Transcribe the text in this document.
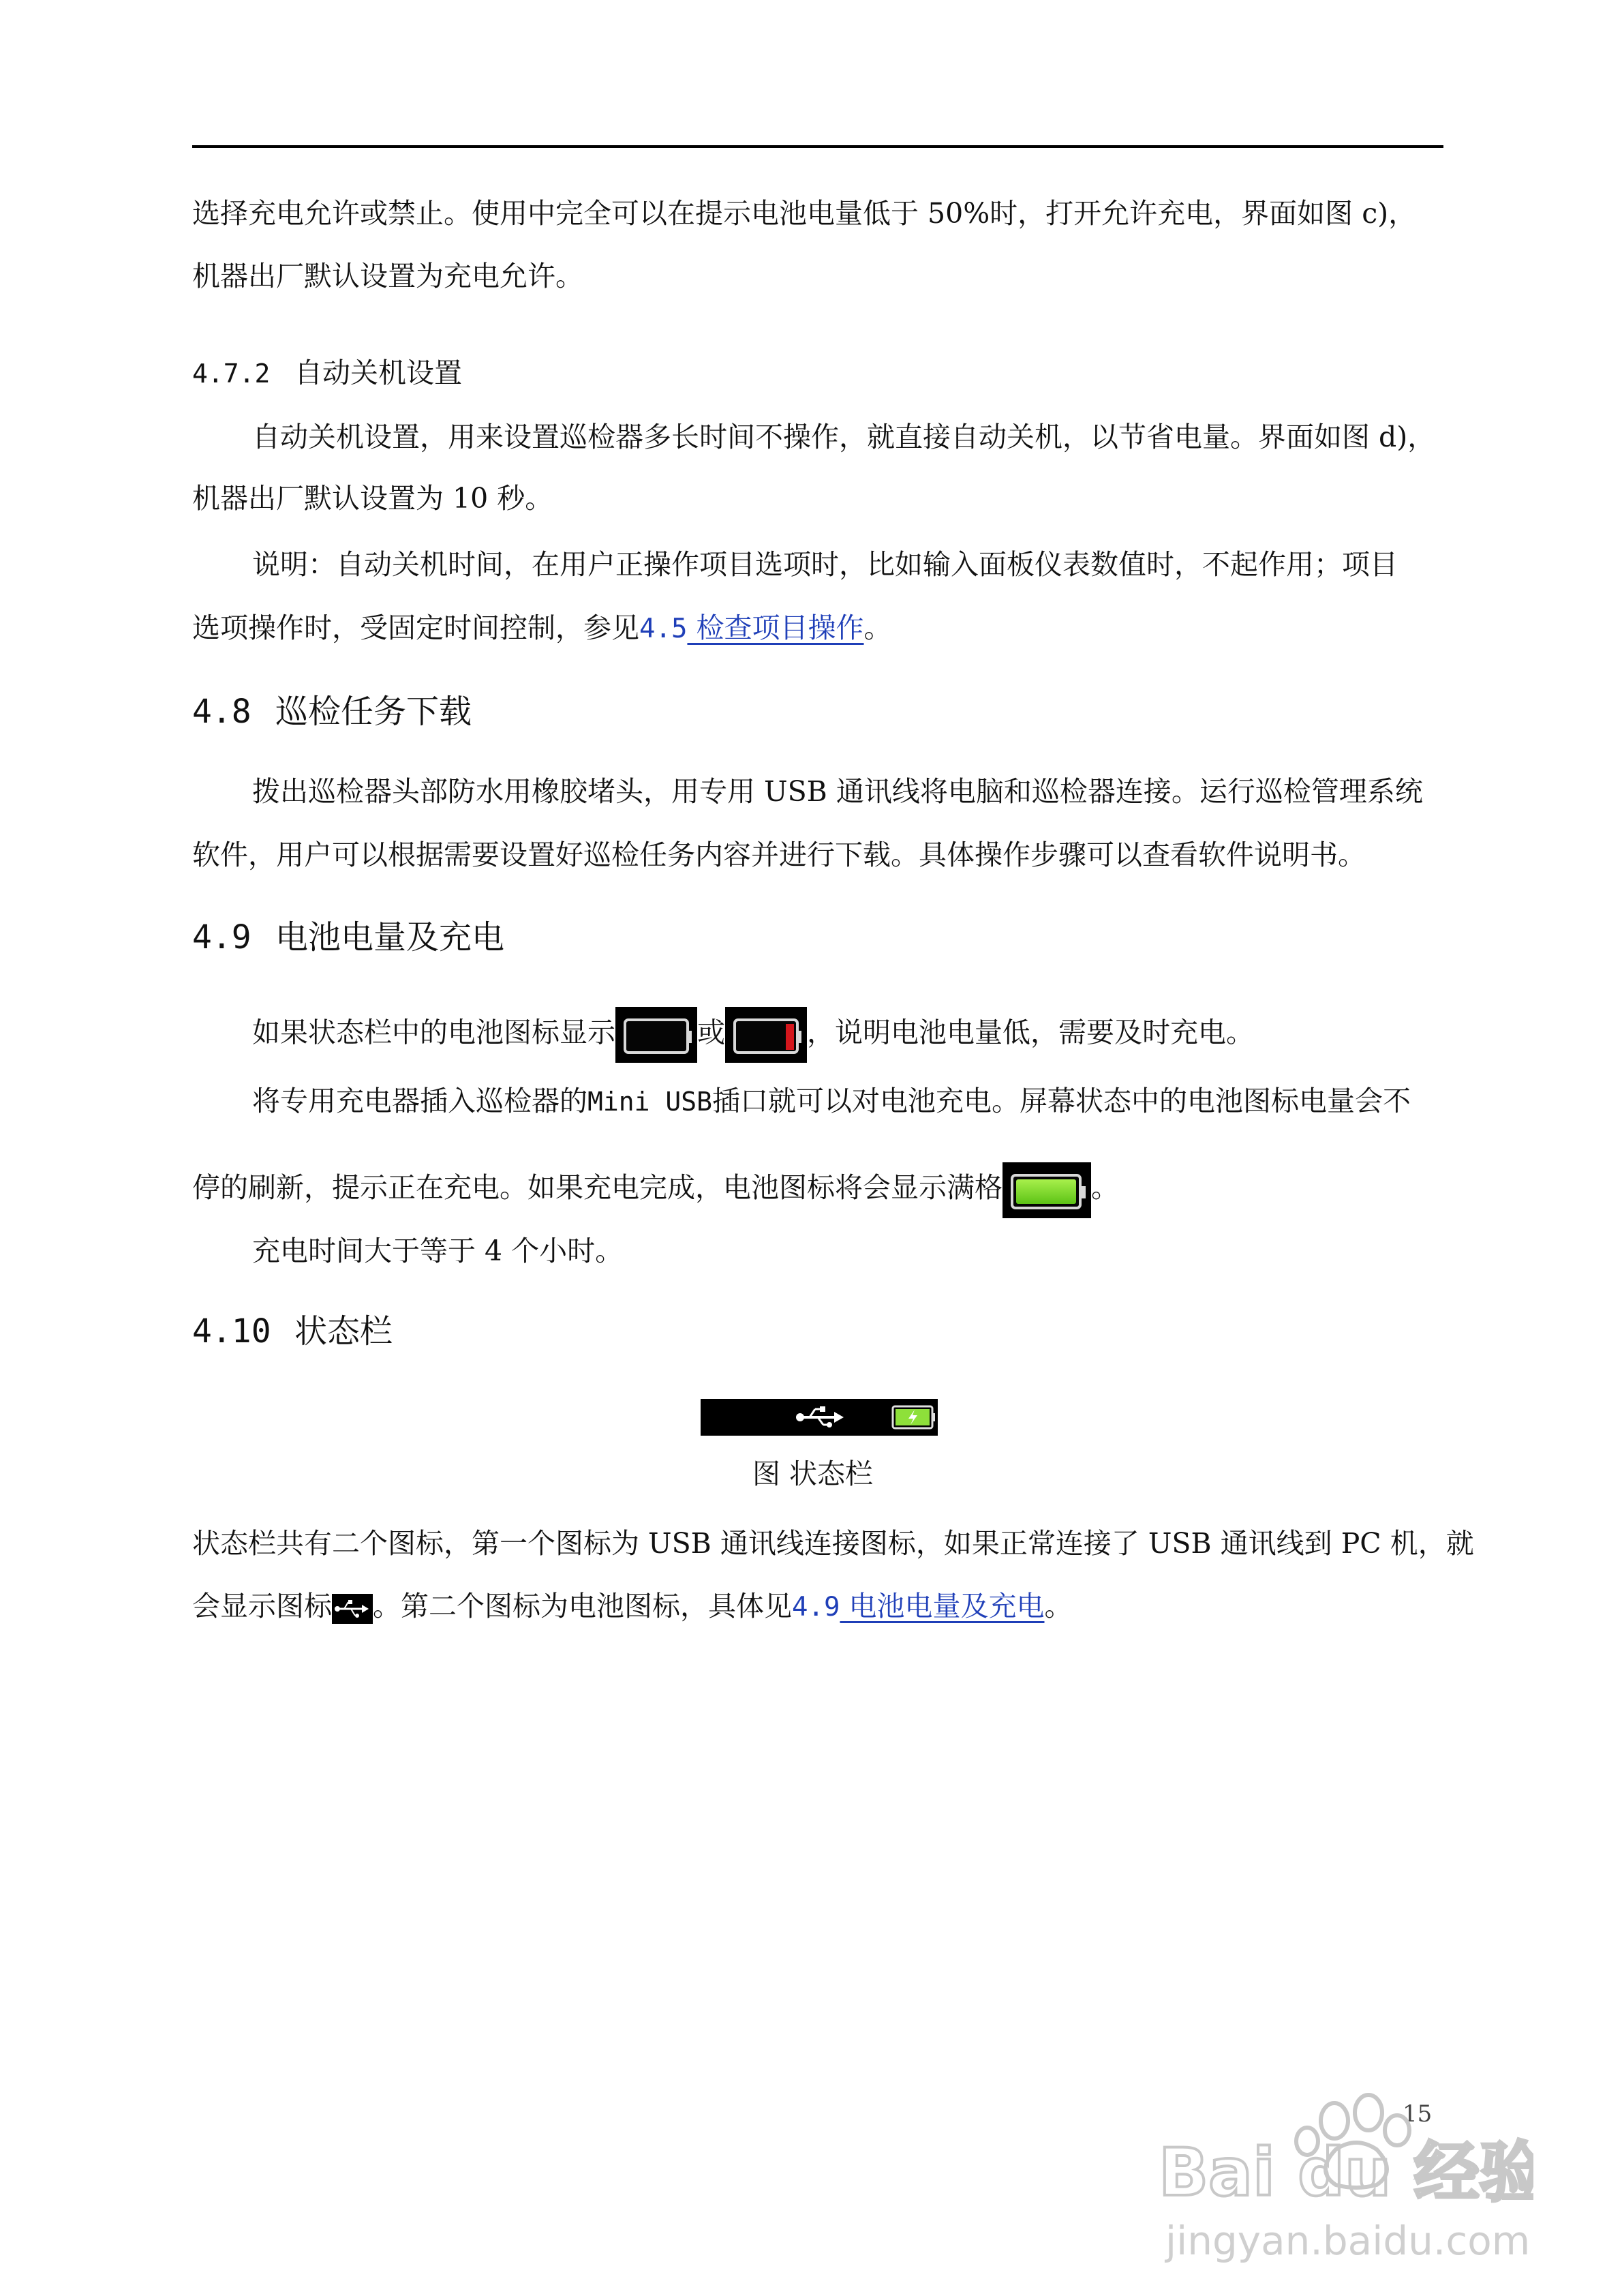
选择充电允许或禁止。使用中完全可以在提示电池电量低于 50%时，打开允许充电，界面如图 c)，

机器出厂默认设置为充电允许。

4.7.2 自动关机设置

自动关机设置，用来设置巡检器多长时间不操作，就直接自动关机，以节省电量。界面如图 d)，

机器出厂默认设置为 10 秒。

说明：自动关机时间，在用户正操作项目选项时，比如输入面板仪表数值时，不起作用；项目

选项操作时，受固定时间控制，参见4.5 检查项目操作。

4.8 巡检任务下载

拨出巡检器头部防水用橡胶堵头，用专用 USB 通讯线将电脑和巡检器连接。运行巡检管理系统

软件，用户可以根据需要设置好巡检任务内容并进行下载。具体操作步骤可以查看软件说明书。

4.9 电池电量及充电

如果状态栏中的电池图标显示	或	，说明电池电量低，需要及时充电。

将专用充电器插入巡检器的Mini USB插口就可以对电池充电。屏幕状态中的电池图标电量会不

停的刷新，提示正在充电。如果充电完成，电池图标将会显示满格	。

充电时间大于等于 4 个小时。

4.10 状态栏

图 状态栏

状态栏共有二个图标，第一个图标为 USB 通讯线连接图标，如果正常连接了 USB 通讯线到 PC 机，就

会显示图标 。第二个图标为电池图标，具体见4.9 电池电量及充电。

15

Bai du 经验
jingyan.baidu.com
